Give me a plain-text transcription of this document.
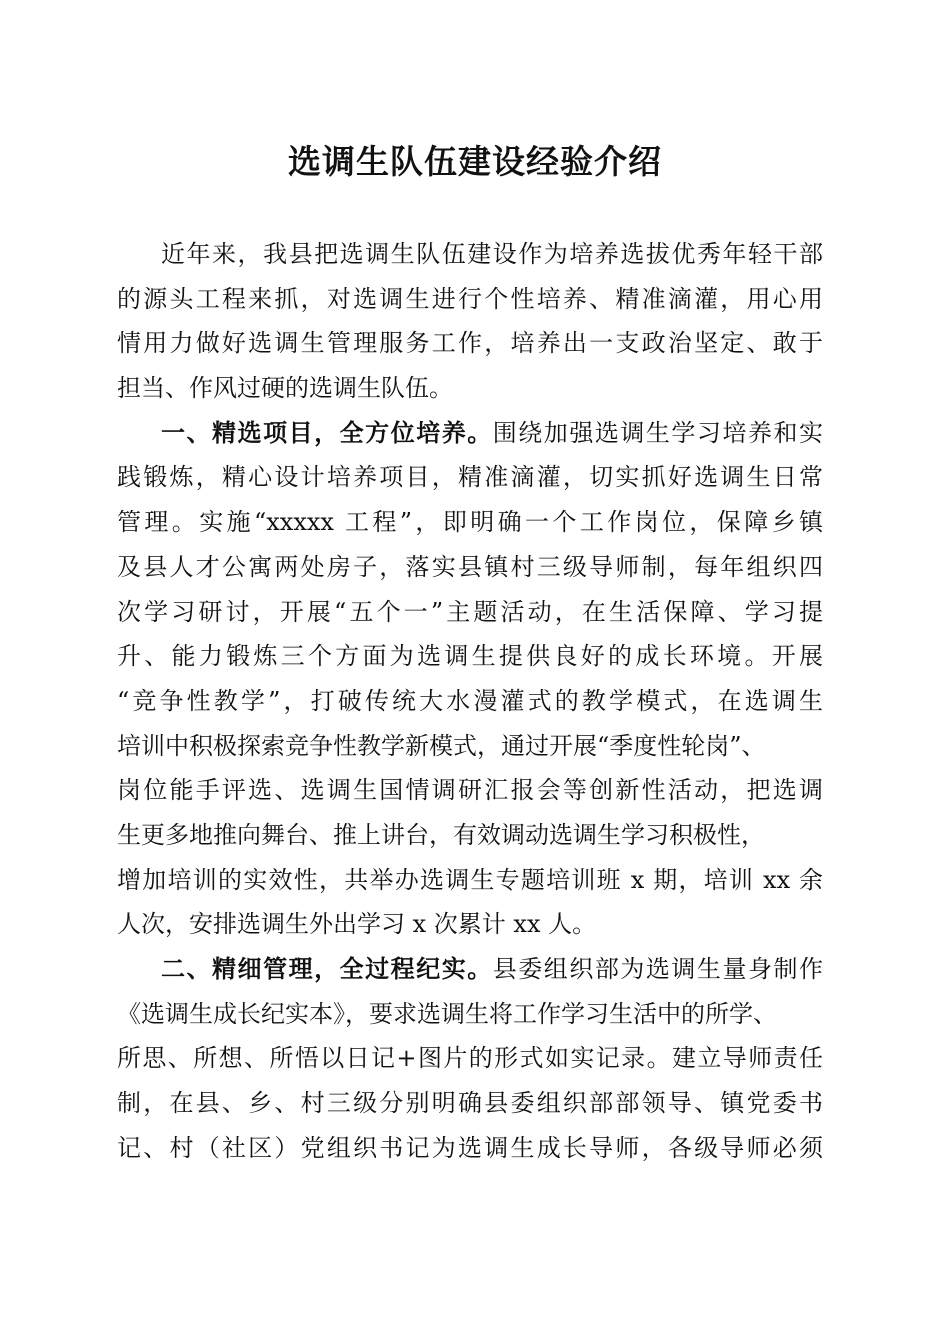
选调生队伍建设经验介绍
近年来，我县把选调生队伍建设作为培养选拔优秀年轻干部
的源头工程来抓，对选调生进行个性培养、精准滴灌，用心用
情用力做好选调生管理服务工作，培养出一支政治坚定、敢于
担当、作风过硬的选调生队伍。
一、精选项目，全方位培养。围绕加强选调生学习培养和实
践锻炼，精心设计培养项目，精准滴灌，切实抓好选调生日常
管理。实施“xxxxx 工程”，即明确一个工作岗位，保障乡镇
及县人才公寓两处房子，落实县镇村三级导师制，每年组织四
次学习研讨，开展“五个一”主题活动，在生活保障、学习提
升、能力锻炼三个方面为选调生提供良好的成长环境。开展
“竞争性教学”，打破传统大水漫灌式的教学模式，在选调生
培训中积极探索竞争性教学新模式，通过开展“季度性轮岗”、
岗位能手评选、选调生国情调研汇报会等创新性活动，把选调
生更多地推向舞台、推上讲台，有效调动选调生学习积极性，
增加培训的实效性，共举办选调生专题培训班 x 期，培训 xx 余
人次，安排选调生外出学习 x 次累计 xx 人。
二、精细管理，全过程纪实。县委组织部为选调生量身制作
《选调生成长纪实本》，要求选调生将工作学习生活中的所学、
所思、所想、所悟以日记+图片的形式如实记录。建立导师责任
制，在县、乡、村三级分别明确县委组织部部领导、镇党委书
记、村（社区）党组织书记为选调生成长导师，各级导师必须
